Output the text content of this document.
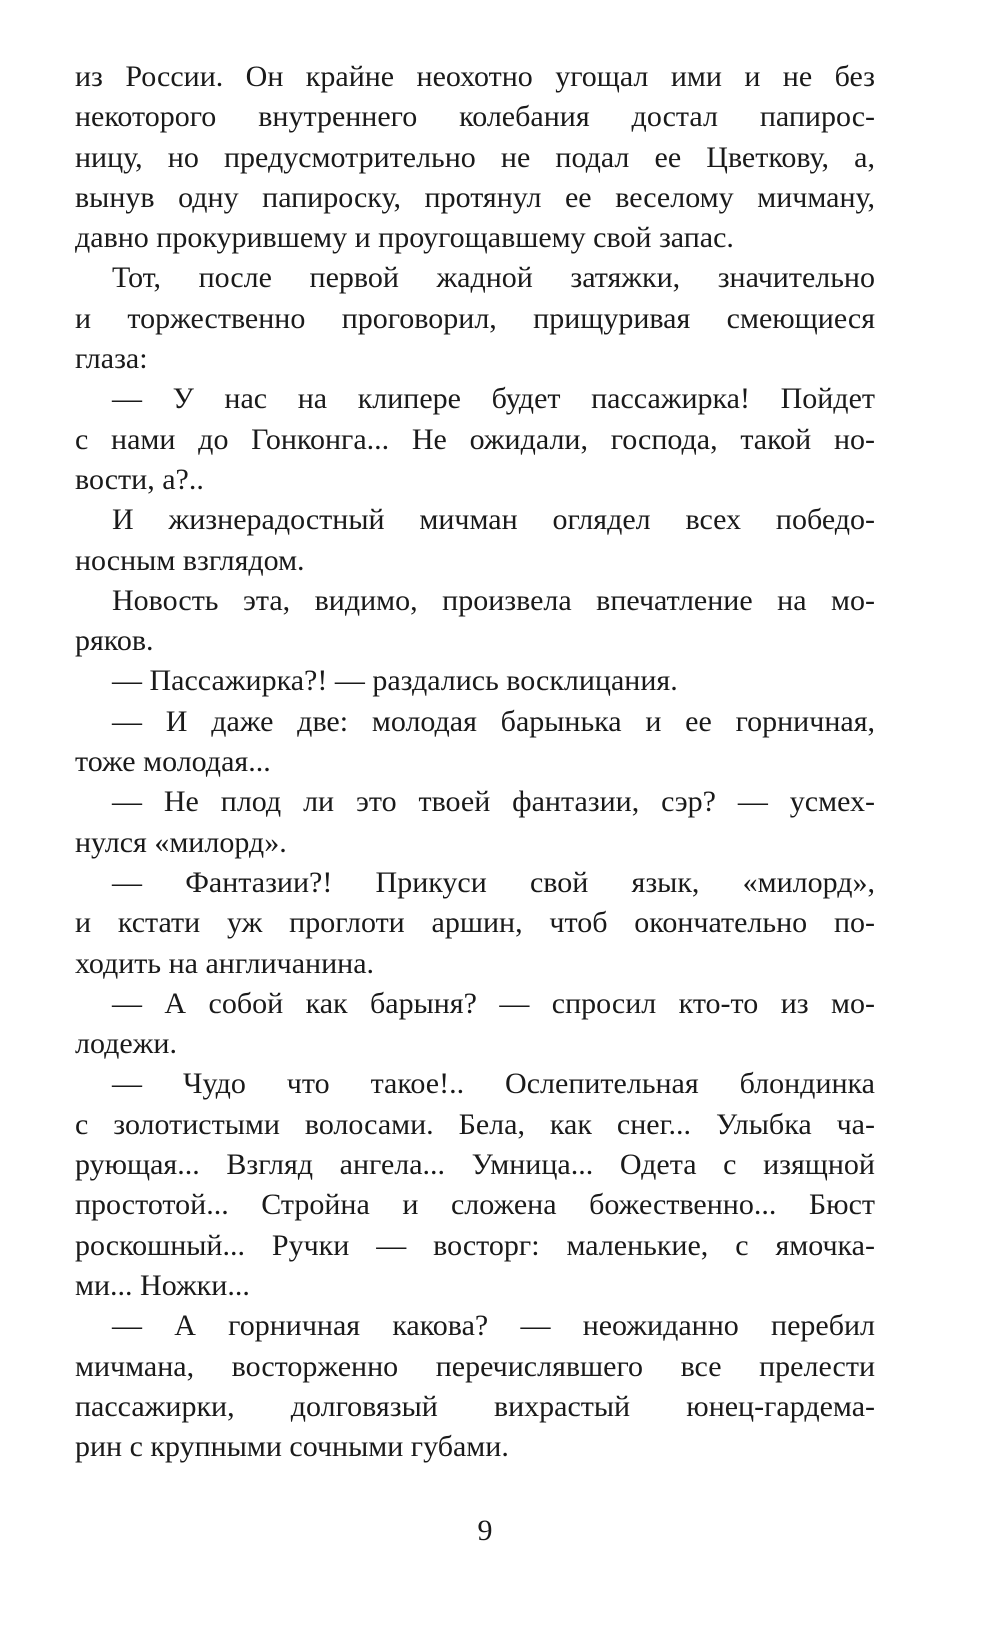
из России. Он крайне неохотно угощал ими и не без
некоторого внутреннего колебания достал папирос-
ницу, но предусмотрительно не подал ее Цветкову, а,
вынув одну папироску, протянул ее веселому мичману,
давно прокурившему и проугощавшему свой запас.
Тот, после первой жадной затяжки, значительно
и торжественно проговорил, прищуривая смеющиеся
глаза:
— У нас на клипере будет пассажирка! Пойдет
с нами до Гонконга... Не ожидали, господа, такой но-
вости, а?..
И жизнерадостный мичман оглядел всех победо-
носным взглядом.
Новость эта, видимо, произвела впечатление на мо-
ряков.
— Пассажирка?! — раздались восклицания.
— И даже две: молодая барынька и ее горничная,
тоже молодая...
— Не плод ли это твоей фантазии, сэр? — усмех-
нулся «милорд».
— Фантазии?! Прикуси свой язык, «милорд»,
и кстати уж проглоти аршин, чтоб окончательно по-
ходить на англичанина.
— А собой как барыня? — спросил кто-то из мо-
лодежи.
— Чудо что такое!.. Ослепительная блондинка
с золотистыми волосами. Бела, как снег... Улыбка ча-
рующая... Взгляд ангела... Умница... Одета с изящной
простотой... Стройна и сложена божественно... Бюст
роскошный... Ручки — восторг: маленькие, с ямочка-
ми... Ножки...
— А горничная какова? — неожиданно перебил
мичмана, восторженно перечислявшего все прелести
пассажирки, долговязый вихрастый юнец-гардема-
рин с крупными сочными губами.
9
